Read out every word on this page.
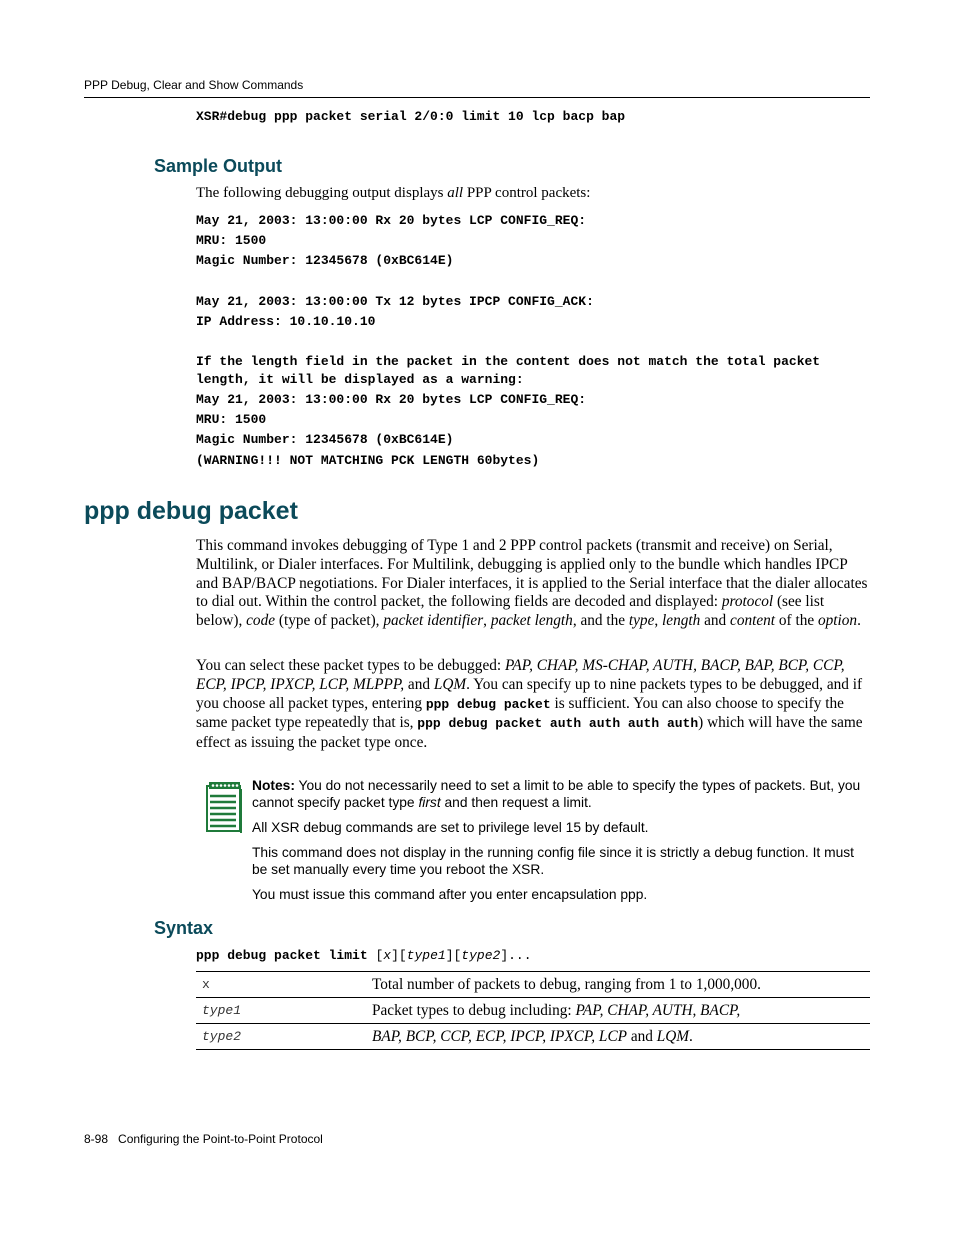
PPP Debug, Clear and Show Commands
XSR#debug ppp packet serial 2/0:0 limit 10 lcp bacp bap
Sample Output
The following debugging output displays all PPP control packets:
May 21, 2003: 13:00:00 Rx 20 bytes LCP CONFIG_REQ:
MRU: 1500
Magic Number: 12345678 (0xBC614E)
May 21, 2003: 13:00:00 Tx 12 bytes IPCP CONFIG_ACK:
IP Address: 10.10.10.10
If the length field in the packet in the content does not match the total packet
length, it will be displayed as a warning:
May 21, 2003: 13:00:00 Rx 20 bytes LCP CONFIG_REQ:
MRU: 1500
Magic Number: 12345678 (0xBC614E)
(WARNING!!! NOT MATCHING PCK LENGTH 60bytes)
ppp debug packet
This command invokes debugging of Type 1 and 2 PPP control packets (transmit and receive) on Serial, Multilink, or Dialer interfaces. For Multilink, debugging is applied only to the bundle which handles IPCP and BAP/BACP negotiations. For Dialer interfaces, it is applied to the Serial interface that the dialer allocates to dial out. Within the control packet, the following fields are decoded and displayed: protocol (see list below), code (type of packet), packet identifier, packet length, and the type, length and content of the option.
You can select these packet types to be debugged: PAP, CHAP, MS-CHAP, AUTH, BACP, BAP, BCP, CCP, ECP, IPCP, IPXCP, LCP, MLPPP, and LQM. You can specify up to nine packets types to be debugged, and if you choose all packet types, entering ppp debug packet is sufficient. You can also choose to specify the same packet type repeatedly that is, ppp debug packet auth auth auth auth) which will have the same effect as issuing the packet type once.
Notes: You do not necessarily need to set a limit to be able to specify the types of packets. But, you cannot specify packet type first and then request a limit.
All XSR debug commands are set to privilege level 15 by default.
This command does not display in the running config file since it is strictly a debug function. It must be set manually every time you reboot the XSR.
You must issue this command after you enter encapsulation ppp.
Syntax
ppp debug packet limit [x][type1][type2]...
x	Total number of packets to debug, ranging from 1 to 1,000,000.
type1	Packet types to debug including: PAP, CHAP, AUTH, BACP,
type2	BAP, BCP, CCP, ECP, IPCP, IPXCP, LCP and LQM.
8-98 Configuring the Point-to-Point Protocol
